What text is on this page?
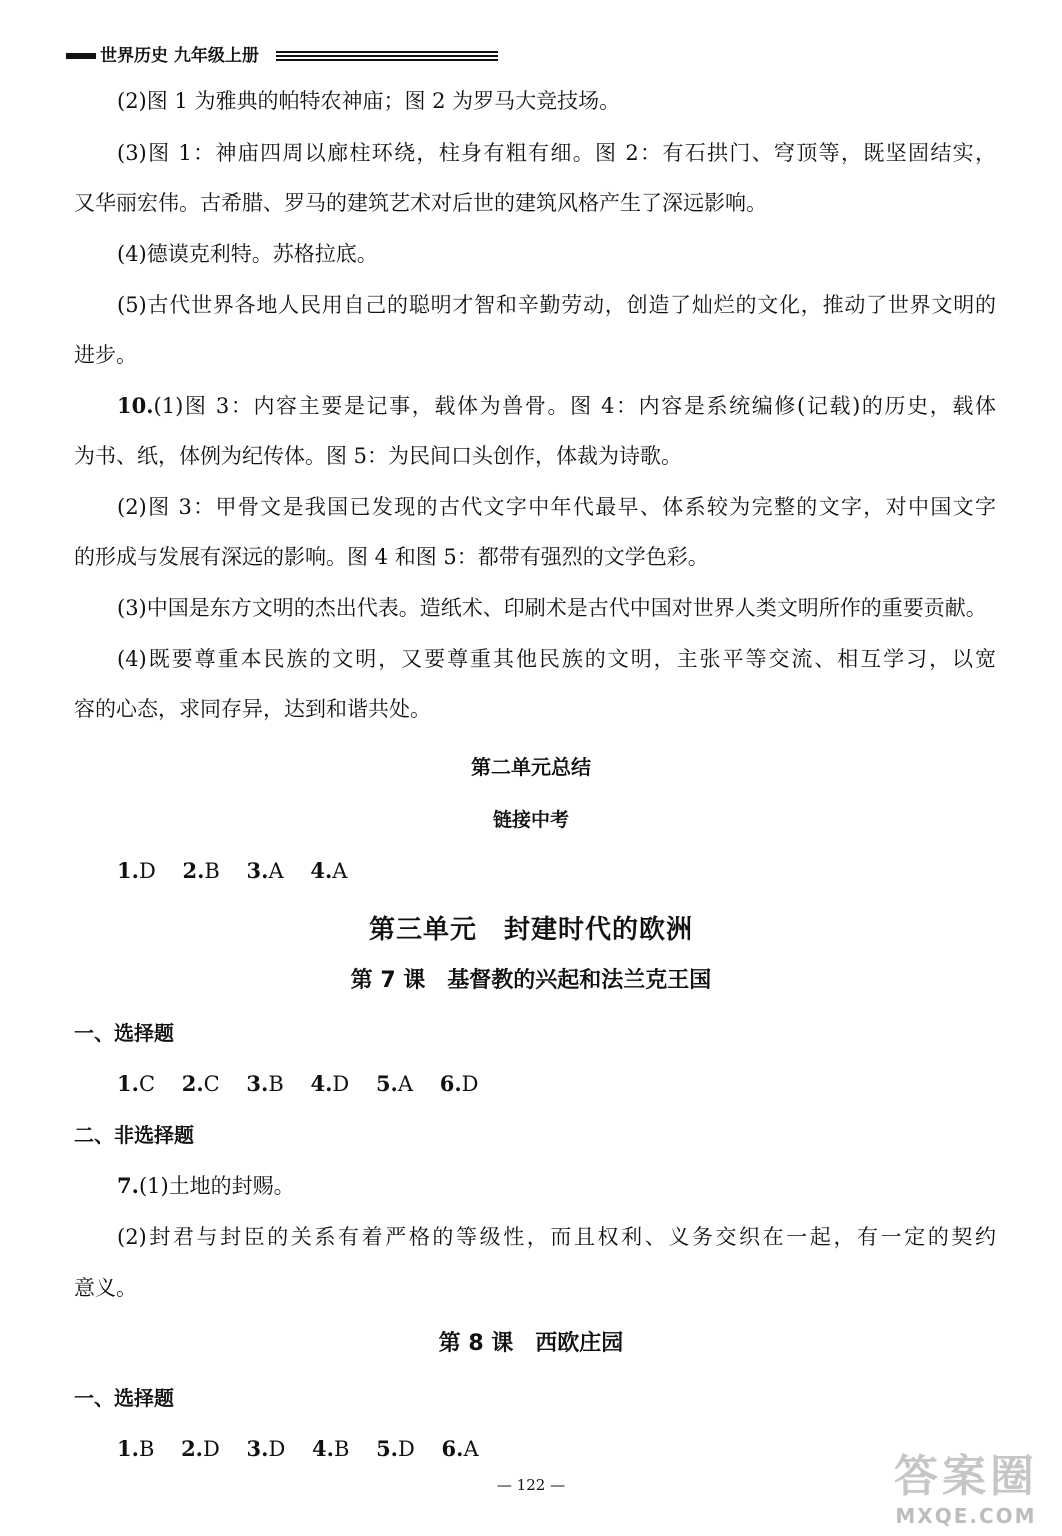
世界历史 九年级上册
(2)图 1 为雅典的帕特农神庙；图 2 为罗马大竞技场。
(3)图 1：神庙四周以廊柱环绕，柱身有粗有细。图 2：有石拱门、穹顶等，既坚固结实，
又华丽宏伟。古希腊、罗马的建筑艺术对后世的建筑风格产生了深远影响。
(4)德谟克利特。苏格拉底。
(5)古代世界各地人民用自己的聪明才智和辛勤劳动，创造了灿烂的文化，推动了世界文明的
进步。
10. (1)图 3：内容主要是记事，载体为兽骨。图 4：内容是系统编修(记载)的历史，载体
为书、纸，体例为纪传体。图 5：为民间口头创作，体裁为诗歌。
(2)图 3：甲骨文是我国已发现的古代文字中年代最早、体系较为完整的文字，对中国文字
的形成与发展有深远的影响。图 4 和图 5：都带有强烈的文学色彩。
(3)中国是东方文明的杰出代表。造纸术、印刷术是古代中国对世界人类文明所作的重要贡献。
(4)既要尊重本民族的文明，又要尊重其他民族的文明，主张平等交流、相互学习，以宽
容的心态，求同存异，达到和谐共处。
第二单元总结
链接中考
1.D 2.B 3.A 4.A
第三单元　封建时代的欧洲
第 7 课　基督教的兴起和法兰克王国
一、选择题
1.C 2.C 3.B 4.D 5.A 6.D
二、非选择题
7.(1)土地的封赐。
(2)封君与封臣的关系有着严格的等级性，而且权利、义务交织在一起，有一定的契约
意义。
第 8 课　西欧庄园
一、选择题
1.B 2.D 3.D 4.B 5.D 6.A
— 122 —	答案圈
MXQE.COM
